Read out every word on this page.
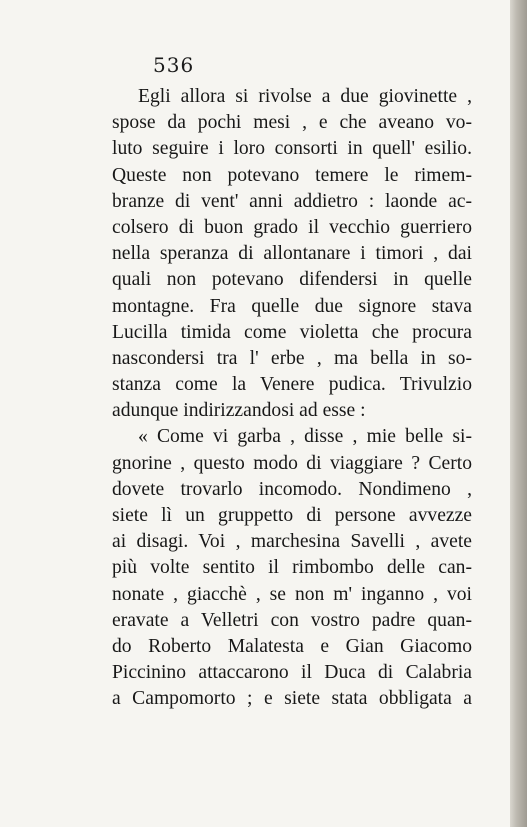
536
Egli allora si rivolse a due giovinette ,
spose da pochi mesi , e che aveano vo-
luto seguire i loro consorti in quell' esilio.
Queste non potevano temere le rimem-
branze di vent' anni addietro : laonde ac-
colsero di buon grado il vecchio guerriero
nella speranza di allontanare i timori , dai
quali non potevano difendersi in quelle
montagne. Fra quelle due signore stava
Lucilla timida come violetta che procura
nascondersi tra l' erbe , ma bella in so-
stanza come la Venere pudica. Trivulzio
adunque indirizzandosi ad esse :
« Come vi garba , disse , mie belle si-
gnorine , questo modo di viaggiare ? Certo
dovete trovarlo incomodo. Nondimeno ,
siete lì un gruppetto di persone avvezze
ai disagi. Voi , marchesina Savelli , avete
più volte sentito il rimbombo delle can-
nonate , giacchè , se non m' inganno , voi
eravate a Velletri con vostro padre quan-
do Roberto Malatesta e Gian Giacomo
Piccinino attaccarono il Duca di Calabria
a Campomorto ; e siete stata obbligata a
